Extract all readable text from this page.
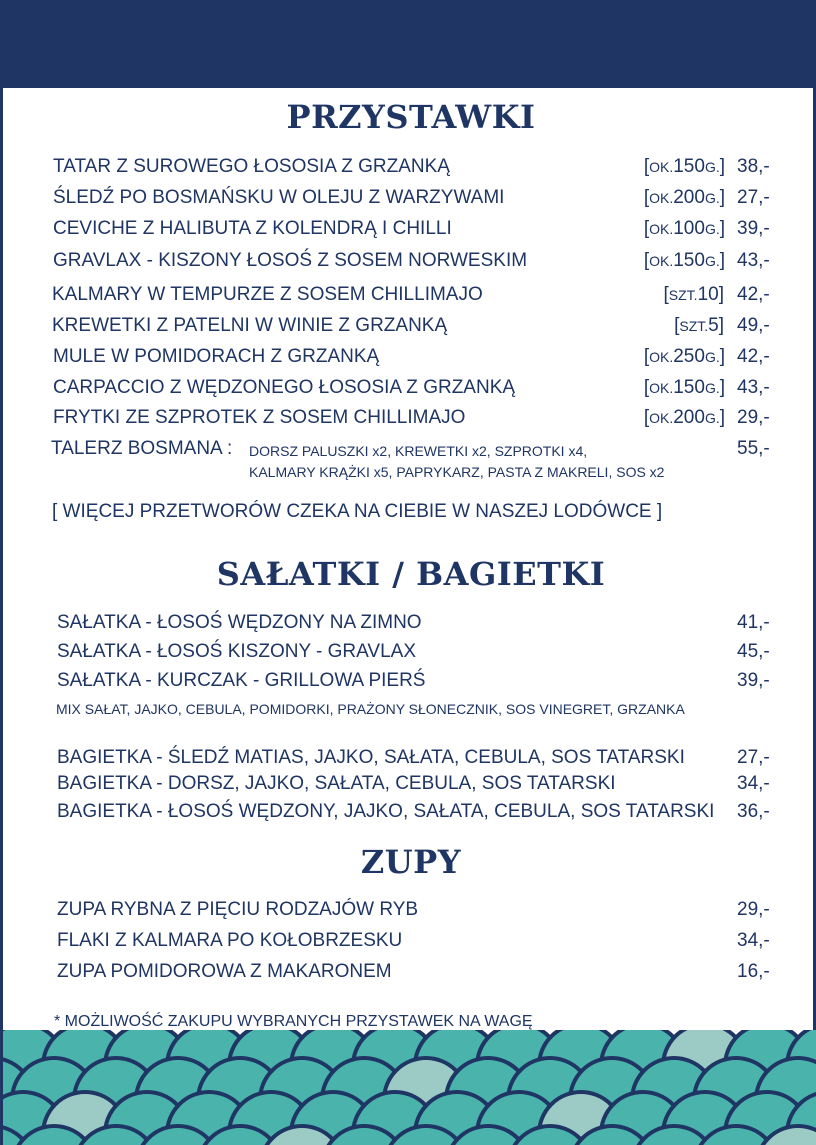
PRZYSTAWKI
TATAR Z SUROWEGO ŁOSOSIA Z GRZANKĄ	[OK.150G.] 38,-
ŚLEDŹ PO BOSMAŃSKU W OLEJU Z WARZYWAMI	[OK.200G.] 27,-
CEVICHE Z HALIBUTA Z KOLENDRĄ I CHILLI	[OK.100G.] 39,-
GRAVLAX - KISZONY ŁOSOŚ Z SOSEM NORWESKIM	[OK.150G.] 43,-
KALMARY W TEMPURZE Z SOSEM CHILLIMAJO	[SZT.10] 42,-
KREWETKI Z PATELNI W WINIE Z GRZANKĄ	[SZT.5] 49,-
MULE W POMIDORACH Z GRZANKĄ	[OK.250G.] 42,-
CARPACCIO Z WĘDZONEGO ŁOSOSIA Z GRZANKĄ	[OK.150G.] 43,-
FRYTKI ZE SZPROTEK Z SOSEM CHILLIMAJO	[OK.200G.] 29,-
TALERZ BOSMANA : DORSZ PALUSZKI x2, KREWETKI x2, SZPROTKI x4,	55,-
KALMARY KRĄŻKI x5, PAPRYKARZ, PASTA Z MAKRELI, SOS x2
[ WIĘCEJ PRZETWORÓW CZEKA NA CIEBIE W NASZEJ LODÓWCE ]
SAŁATKI / BAGIETKI
SAŁATKA - ŁOSOŚ WĘDZONY NA ZIMNO	41,-
SAŁATKA - ŁOSOŚ KISZONY - GRAVLAX	45,-
SAŁATKA - KURCZAK - GRILLOWA PIERŚ	39,-
MIX SAŁAT, JAJKO, CEBULA, POMIDORKI, PRAŻONY SŁONECZNIK, SOS VINEGRET, GRZANKA
BAGIETKA - ŚLEDŹ MATIAS, JAJKO, SAŁATA, CEBULA, SOS TATARSKI	27,-
BAGIETKA - DORSZ, JAJKO, SAŁATA, CEBULA, SOS TATARSKI	34,-
BAGIETKA - ŁOSOŚ WĘDZONY, JAJKO, SAŁATA, CEBULA, SOS TATARSKI 36,-
ZUPY
ZUPA RYBNA Z PIĘCIU RODZAJÓW RYB	29,-
FLAKI Z KALMARA PO KOŁOBRZESKU	34,-
ZUPA POMIDOROWA Z MAKARONEM	16,-
* MOŻLIWOŚĆ ZAKUPU WYBRANYCH PRZYSTAWEK NA WAGĘ
